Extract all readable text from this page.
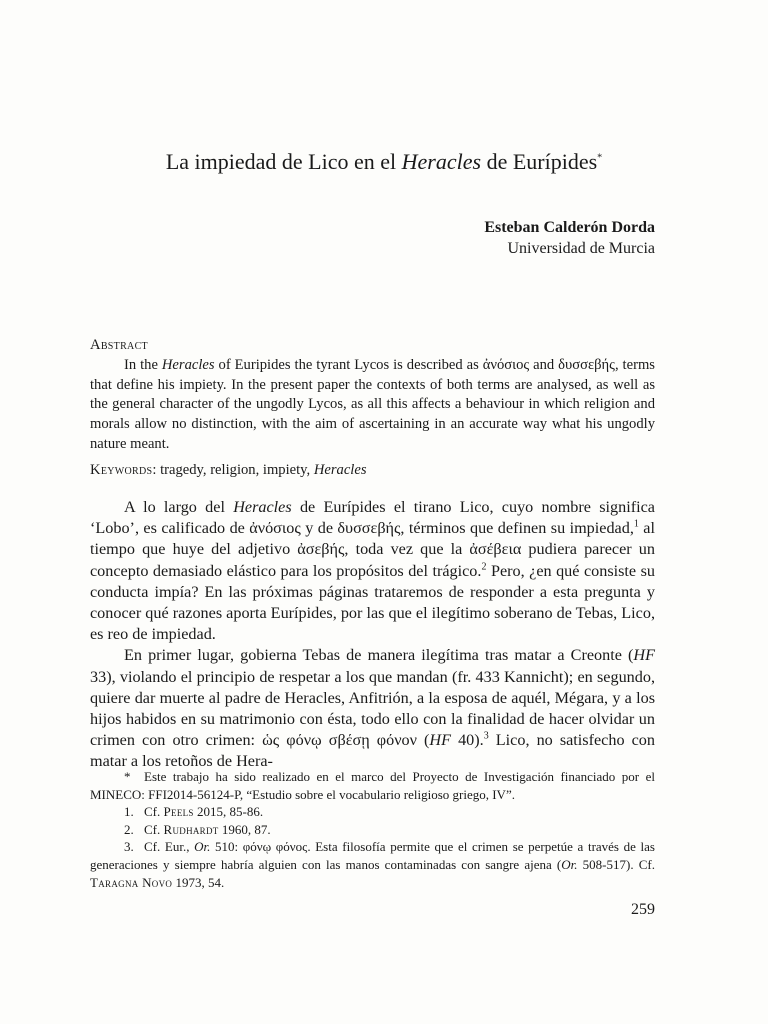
La impiedad de Lico en el Heracles de Eurípides*
Esteban Calderón Dorda
Universidad de Murcia
Abstract

In the Heracles of Euripides the tyrant Lycos is described as ἀνόσιος and δυσσεβής, terms that define his impiety. In the present paper the contexts of both terms are analysed, as well as the general character of the ungodly Lycos, as all this affects a behaviour in which religion and morals allow no distinction, with the aim of ascertaining in an accurate way what his ungodly nature meant.

Keywords: tragedy, religion, impiety, Heracles

A lo largo del Heracles de Eurípides el tirano Lico, cuyo nombre significa ‘Lobo’, es calificado de ἀνόσιος y de δυσσεβής, términos que definen su impiedad,$^1$ al tiempo que huye del adjetivo ἀσεβής, toda vez que la ἀσέβεια pudiera parecer un concepto demasiado elástico para los propósitos del trágico.$^2$ Pero, ¿en qué consiste su conducta impía? En las próximas páginas trataremos de responder a esta pregunta y conocer qué razones aporta Eurípides, por las que el ilegítimo soberano de Tebas, Lico, es reo de impiedad.

En primer lugar, gobierna Tebas de manera ilegítima tras matar a Creonte (HF 33), violando el principio de respetar a los que mandan (fr. 433 Kannicht); en segundo, quiere dar muerte al padre de Heracles, Anfitrión, a la esposa de aquél, Mégara, y a los hijos habidos en su matrimonio con ésta, todo ello con la finalidad de hacer olvidar un crimen con otro crimen: ὡς φόνῳ σβέσῃ φόνον (HF 40).$^3$ Lico, no satisfecho con matar a los retoños de Hera-

* Este trabajo ha sido realizado en el marco del Proyecto de Investigación financiado por el MINECO: FFI2014-56124-P, “Estudio sobre el vocabulario religioso griego, IV”.

1. Cf. Peels 2015, 85-86.

2. Cf. Rudhardt 1960, 87.

3. Cf. Eur., Or. 510: φόνῳ φόνος. Esta filosofía permite que el crimen se perpetúe a través de las generaciones y siempre habría alguien con las manos contaminadas con sangre ajena (Or. 508-517). Cf. Taragna Novo 1973, 54.

259
